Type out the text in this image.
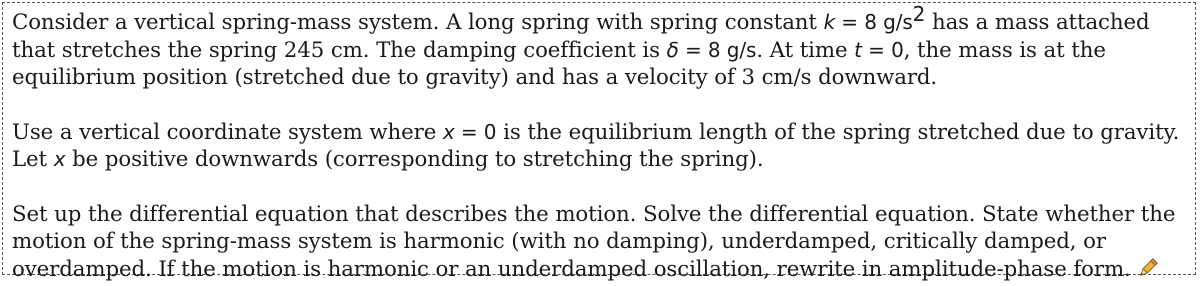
Consider a vertical spring-mass system. A long spring with spring constant k = 8 $g/s^2$ has a mass attached that stretches the spring 245 cm. The damping coefficient is δ = 8 g/s. At time t = 0, the mass is at the equilibrium position (stretched due to gravity) and has a velocity of 3 cm/s downward.

Use a vertical coordinate system where x = 0 is the equilibrium length of the spring stretched due to gravity. Let x be positive downwards (corresponding to stretching the spring).

Set up the differential equation that describes the motion. Solve the differential equation. State whether the motion of the spring-mass system is harmonic (with no damping), underdamped, critically damped, or overdamped. If the motion is harmonic or an underdamped oscillation, rewrite in amplitude-phase form.
